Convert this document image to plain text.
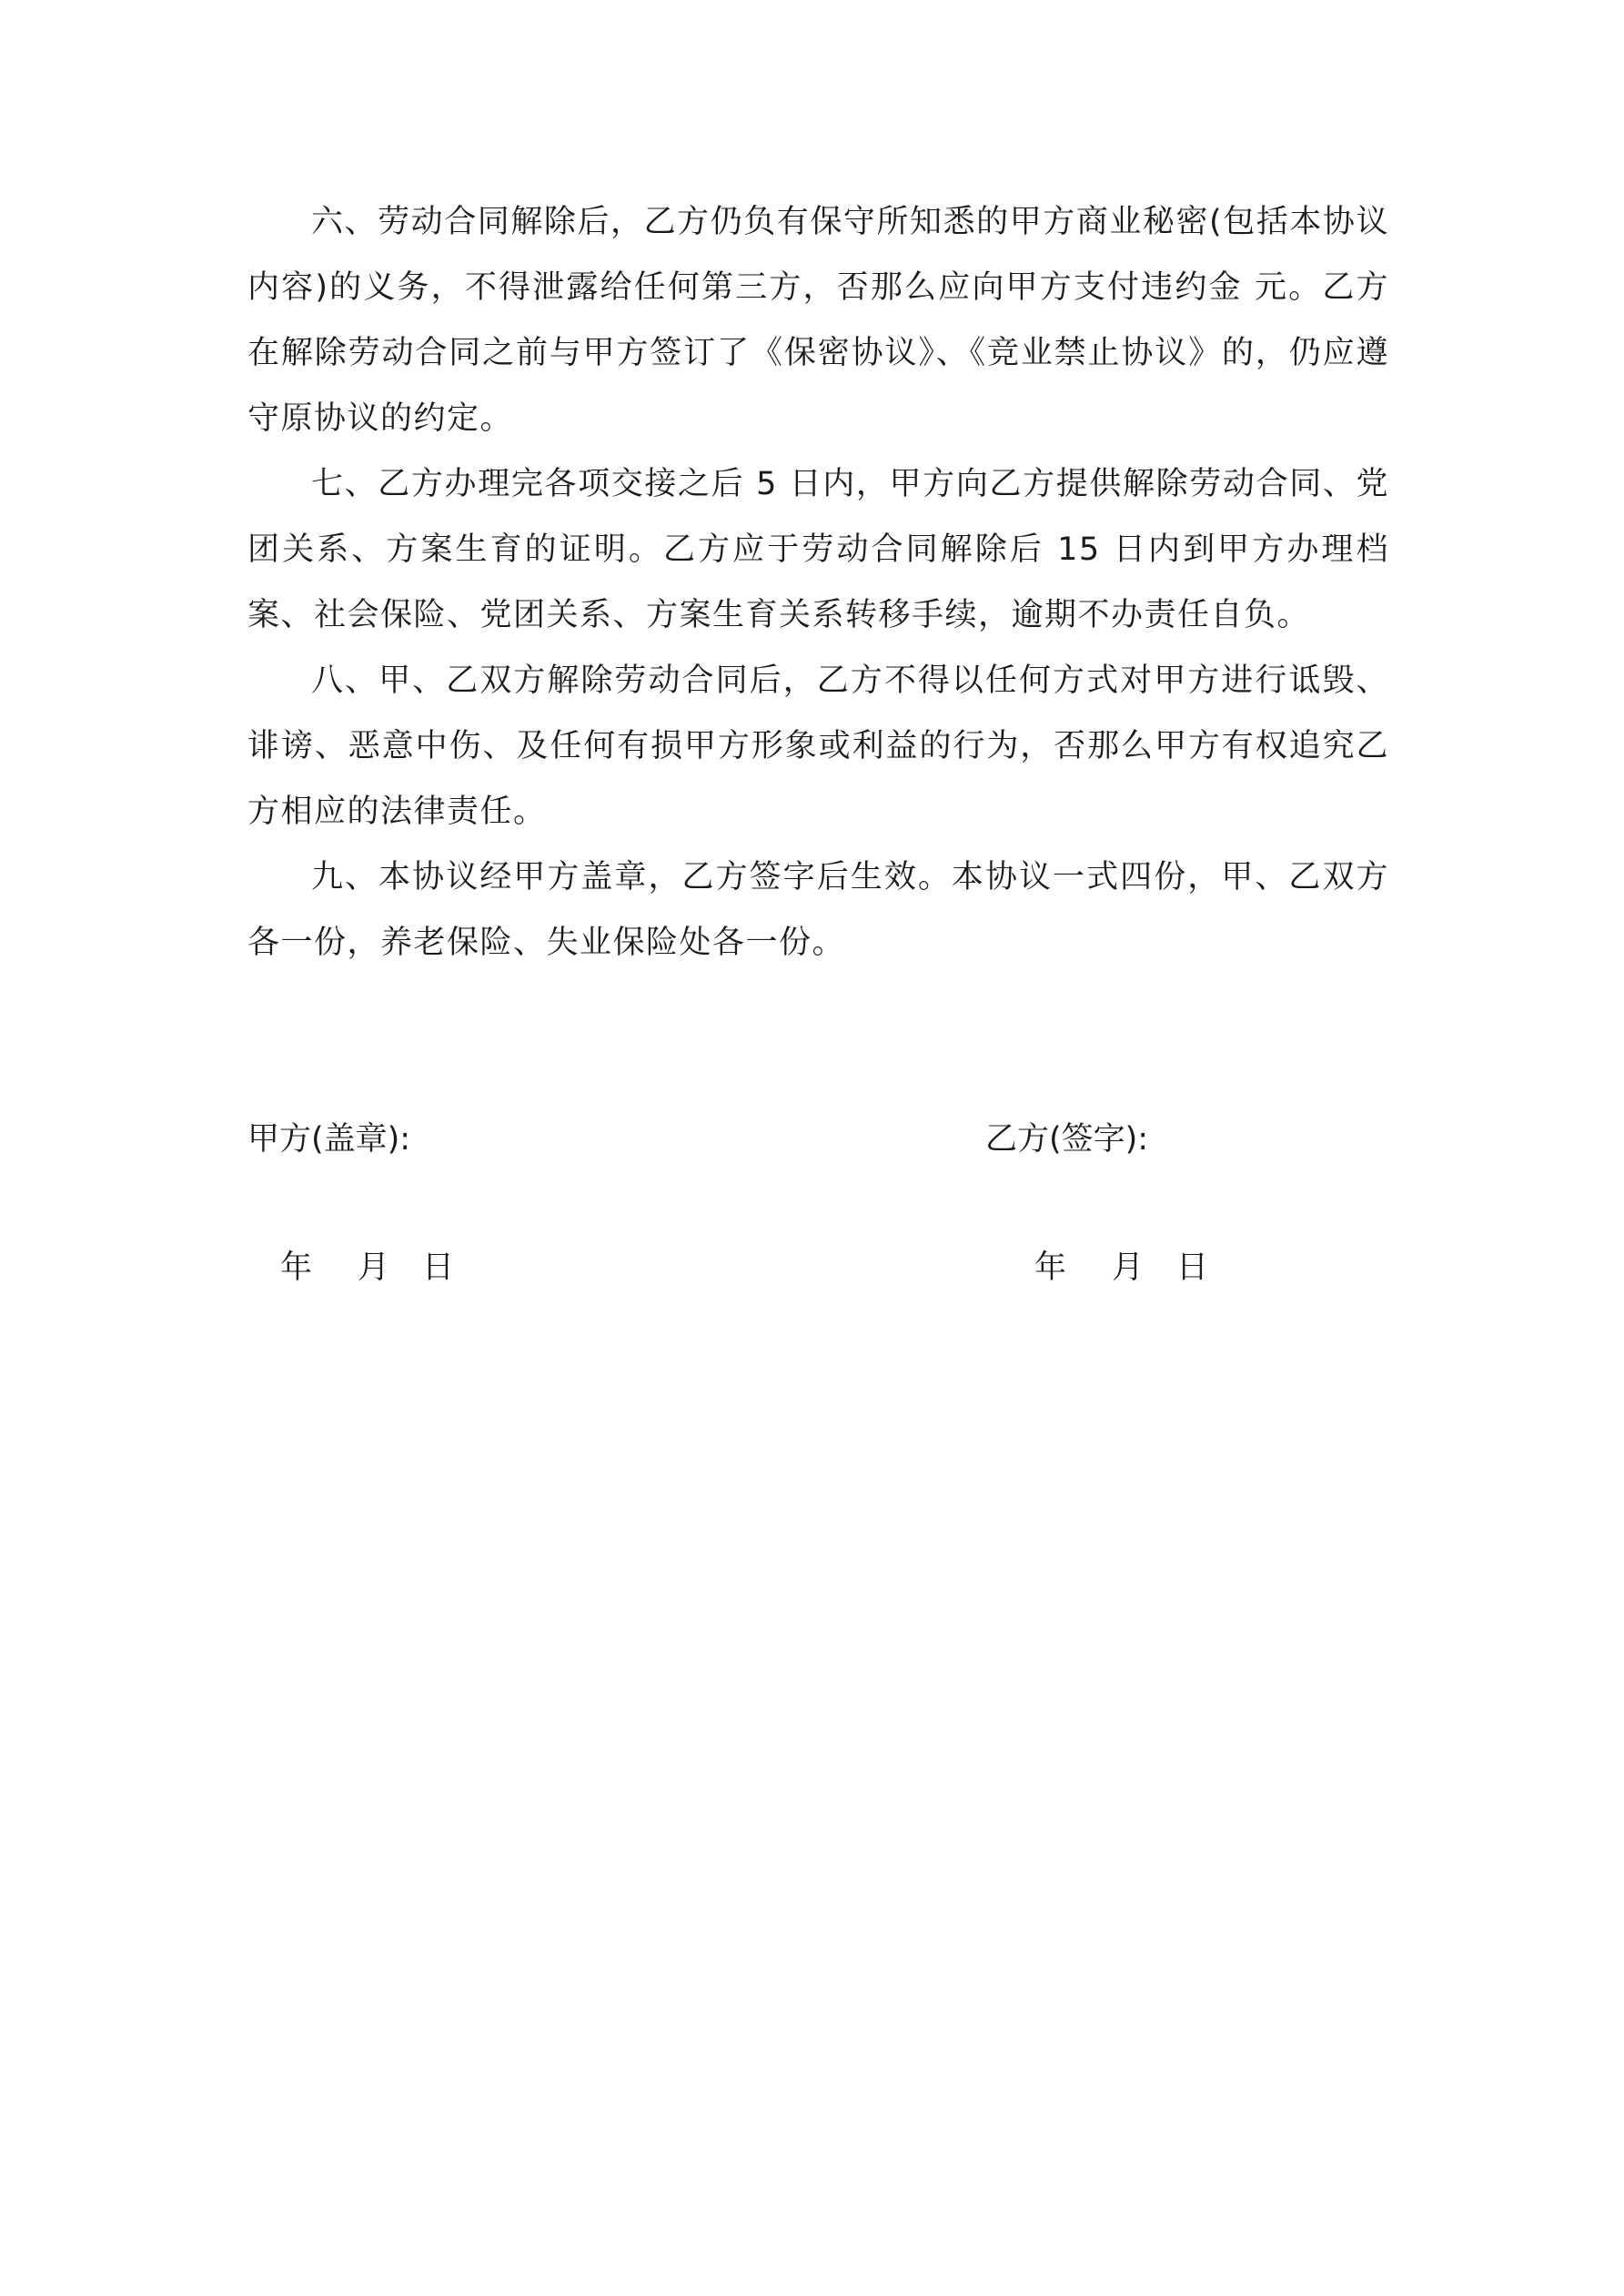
六、劳动合同解除后，乙方仍负有保守所知悉的甲方商业秘密(包括本协议内容)的义务，不得泄露给任何第三方，否那么应向甲方支付违约金 元。乙方在解除劳动合同之前与甲方签订了《保密协议》、《竞业禁止协议》的，仍应遵守原协议的约定。

七、乙方办理完各项交接之后 5 日内，甲方向乙方提供解除劳动合同、党团关系、方案生育的证明。乙方应于劳动合同解除后 15 日内到甲方办理档案、社会保险、党团关系、方案生育关系转移手续，逾期不办责任自负。

八、甲、乙双方解除劳动合同后，乙方不得以任何方式对甲方进行诋毁、诽谤、恶意中伤、及任何有损甲方形象或利益的行为，否那么甲方有权追究乙方相应的法律责任。

九、本协议经甲方盖章，乙方签字后生效。本协议一式四份，甲、乙双方各一份，养老保险、失业保险处各一份。

甲方(盖章):	乙方(签字):
年 月 日	年 月 日
